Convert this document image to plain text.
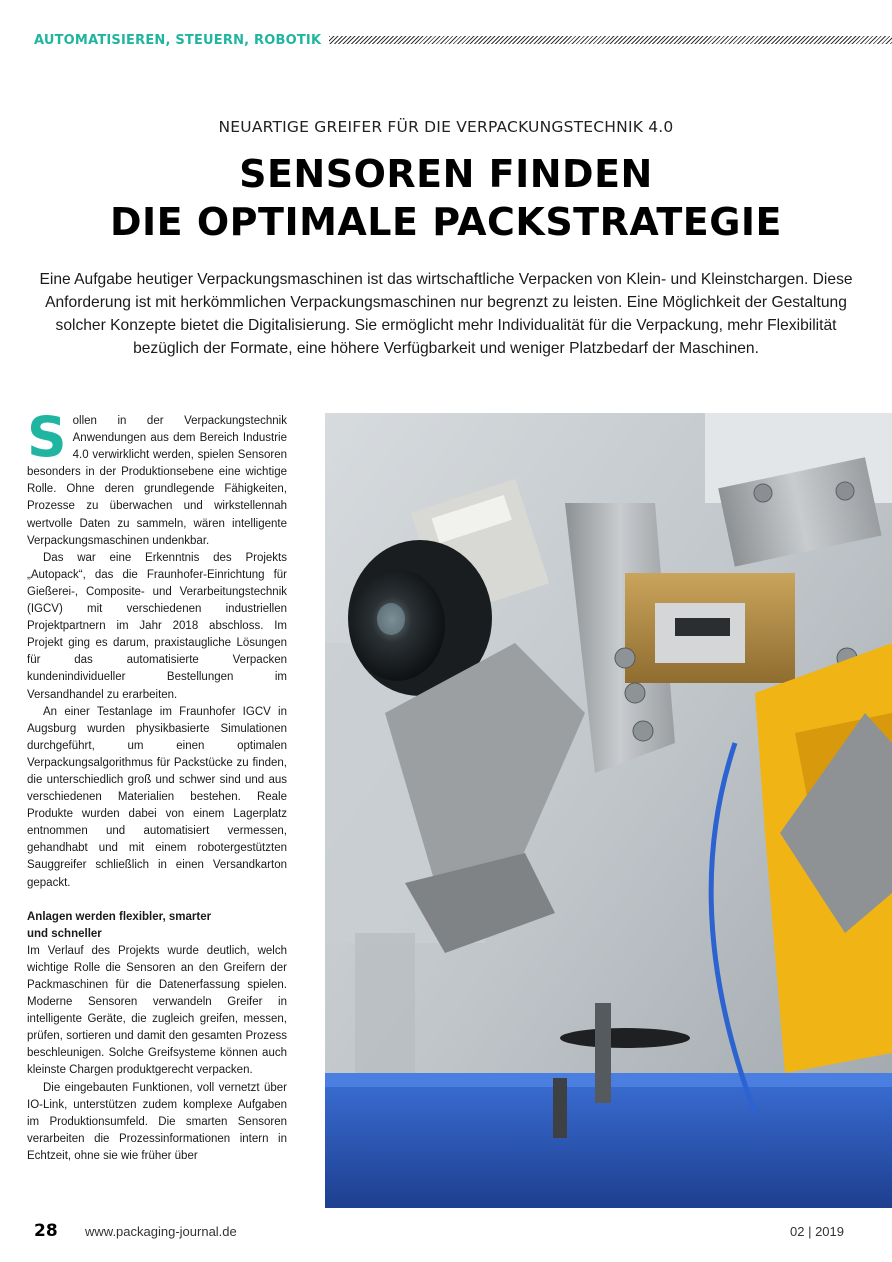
AUTOMATISIEREN, STEUERN, ROBOTIK
NEUARTIGE GREIFER FÜR DIE VERPACKUNGSTECHNIK 4.0
SENSOREN FINDEN
DIE OPTIMALE PACKSTRATEGIE
Eine Aufgabe heutiger Verpackungsmaschinen ist das wirtschaftliche Verpacken von Klein- und Kleinstchargen. Diese Anforderung ist mit herkömmlichen Verpackungsmaschinen nur begrenzt zu leisten. Eine Möglichkeit der Gestaltung solcher Konzepte bietet die Digitalisierung. Sie ermöglicht mehr Individualität für die Verpackung, mehr Flexibilität bezüglich der Formate, eine höhere Verfügbarkeit und weniger Platzbedarf der Maschinen.

Sollen in der Verpackungstechnik Anwendungen aus dem Bereich Industrie 4.0 verwirklicht werden, spielen Sensoren besonders in der Produktionsebene eine wichtige Rolle. Ohne deren grundlegende Fähigkeiten, Prozesse zu überwachen und wirkstellennah wertvolle Daten zu sammeln, wären intelligente Verpackungsmaschinen undenkbar.

Das war eine Erkenntnis des Projekts „Autopack“, das die Fraunhofer-Einrichtung für Gießerei-, Composite- und Verarbeitungstechnik (IGCV) mit verschiedenen industriellen Projektpartnern im Jahr 2018 abschloss. Im Projekt ging es darum, praxistaugliche Lösungen für das automatisierte Verpacken kundenindividueller Bestellungen im Versandhandel zu erarbeiten.

An einer Testanlage im Fraunhofer IGCV in Augsburg wurden physikbasierte Simulationen durchgeführt, um einen optimalen Verpackungsalgorithmus für Packstücke zu finden, die unterschiedlich groß und schwer sind und aus verschiedenen Materialien bestehen. Reale Produkte wurden dabei von einem Lagerplatz entnommen und automatisiert vermessen, gehandhabt und mit einem robotergestützten Sauggreifer schließlich in einen Versandkarton gepackt.

Anlagen werden flexibler, smarter
und schneller

Im Verlauf des Projekts wurde deutlich, welch wichtige Rolle die Sensoren an den Greifern der Packmaschinen für die Datenerfassung spielen. Moderne Sensoren verwandeln Greifer in intelligente Geräte, die zugleich greifen, messen, prüfen, sortieren und damit den gesamten Prozess beschleunigen. Solche Greifsysteme können auch kleinste Chargen produktgerecht verpacken.

Die eingebauten Funktionen, voll vernetzt über IO-Link, unterstützen zudem komplexe Aufgaben im Produktionsumfeld. Die smarten Sensoren verarbeiten die Prozessinformationen intern in Echtzeit, ohne sie wie früher über

28 www.packaging-journal.de	02 | 2019
